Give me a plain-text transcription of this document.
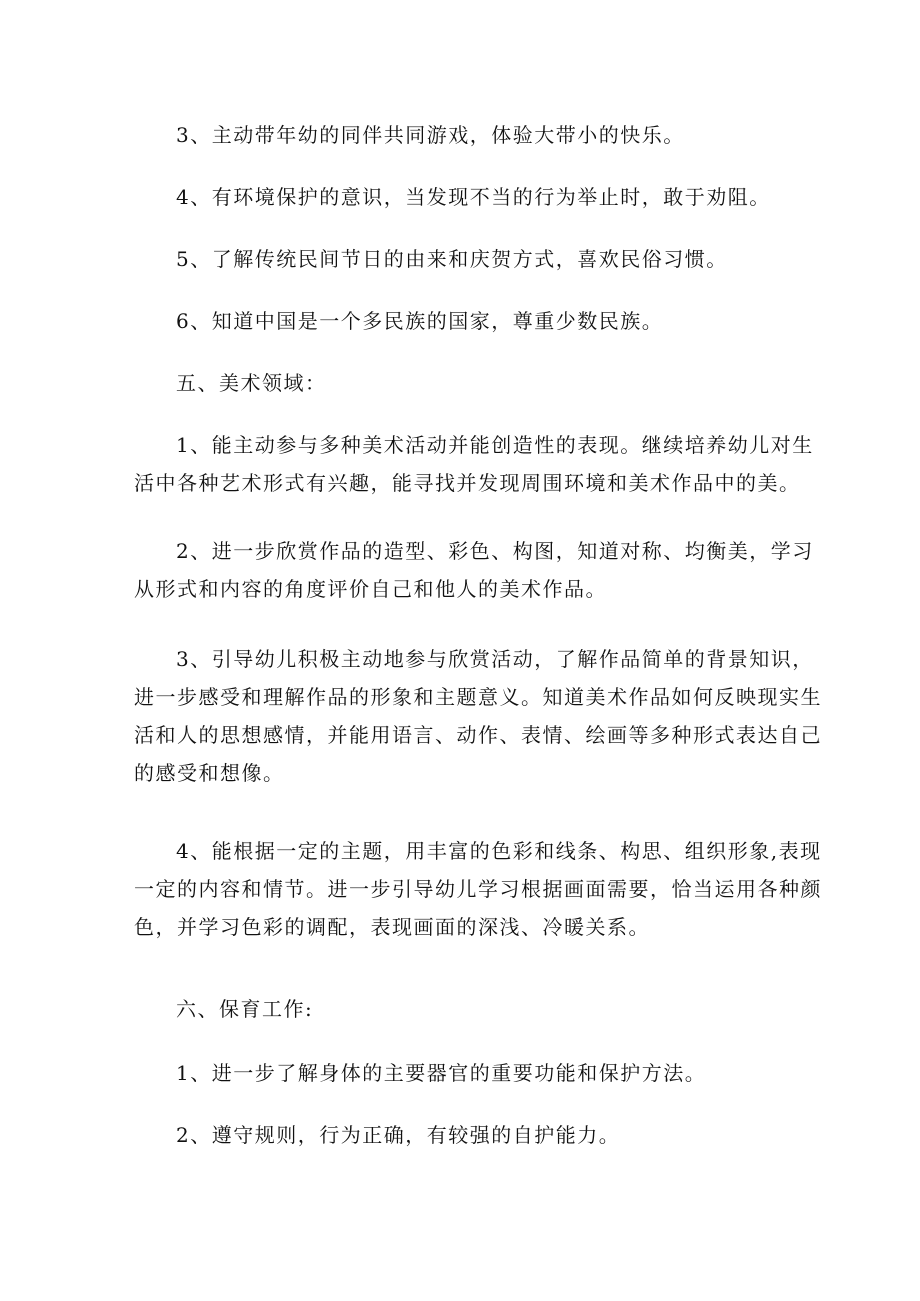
3、主动带年幼的同伴共同游戏，体验大带小的快乐。
4、有环境保护的意识，当发现不当的行为举止时，敢于劝阻。
5、了解传统民间节日的由来和庆贺方式，喜欢民俗习惯。
6、知道中国是一个多民族的国家，尊重少数民族。
五、美术领域：
1、能主动参与多种美术活动并能创造性的表现。继续培养幼儿对生
活中各种艺术形式有兴趣，能寻找并发现周围环境和美术作品中的美。
2、进一步欣赏作品的造型、彩色、构图，知道对称、均衡美，学习
从形式和内容的角度评价自己和他人的美术作品。
3、引导幼儿积极主动地参与欣赏活动，了解作品简单的背景知识，
进一步感受和理解作品的形象和主题意义。知道美术作品如何反映现实生
活和人的思想感情，并能用语言、动作、表情、绘画等多种形式表达自己
的感受和想像。
4、能根据一定的主题，用丰富的色彩和线条、构思、组织形象,表现
一定的内容和情节。进一步引导幼儿学习根据画面需要，恰当运用各种颜
色，并学习色彩的调配，表现画面的深浅、冷暖关系。
六、保育工作:
1、进一步了解身体的主要器官的重要功能和保护方法。
2、遵守规则，行为正确，有较强的自护能力。
